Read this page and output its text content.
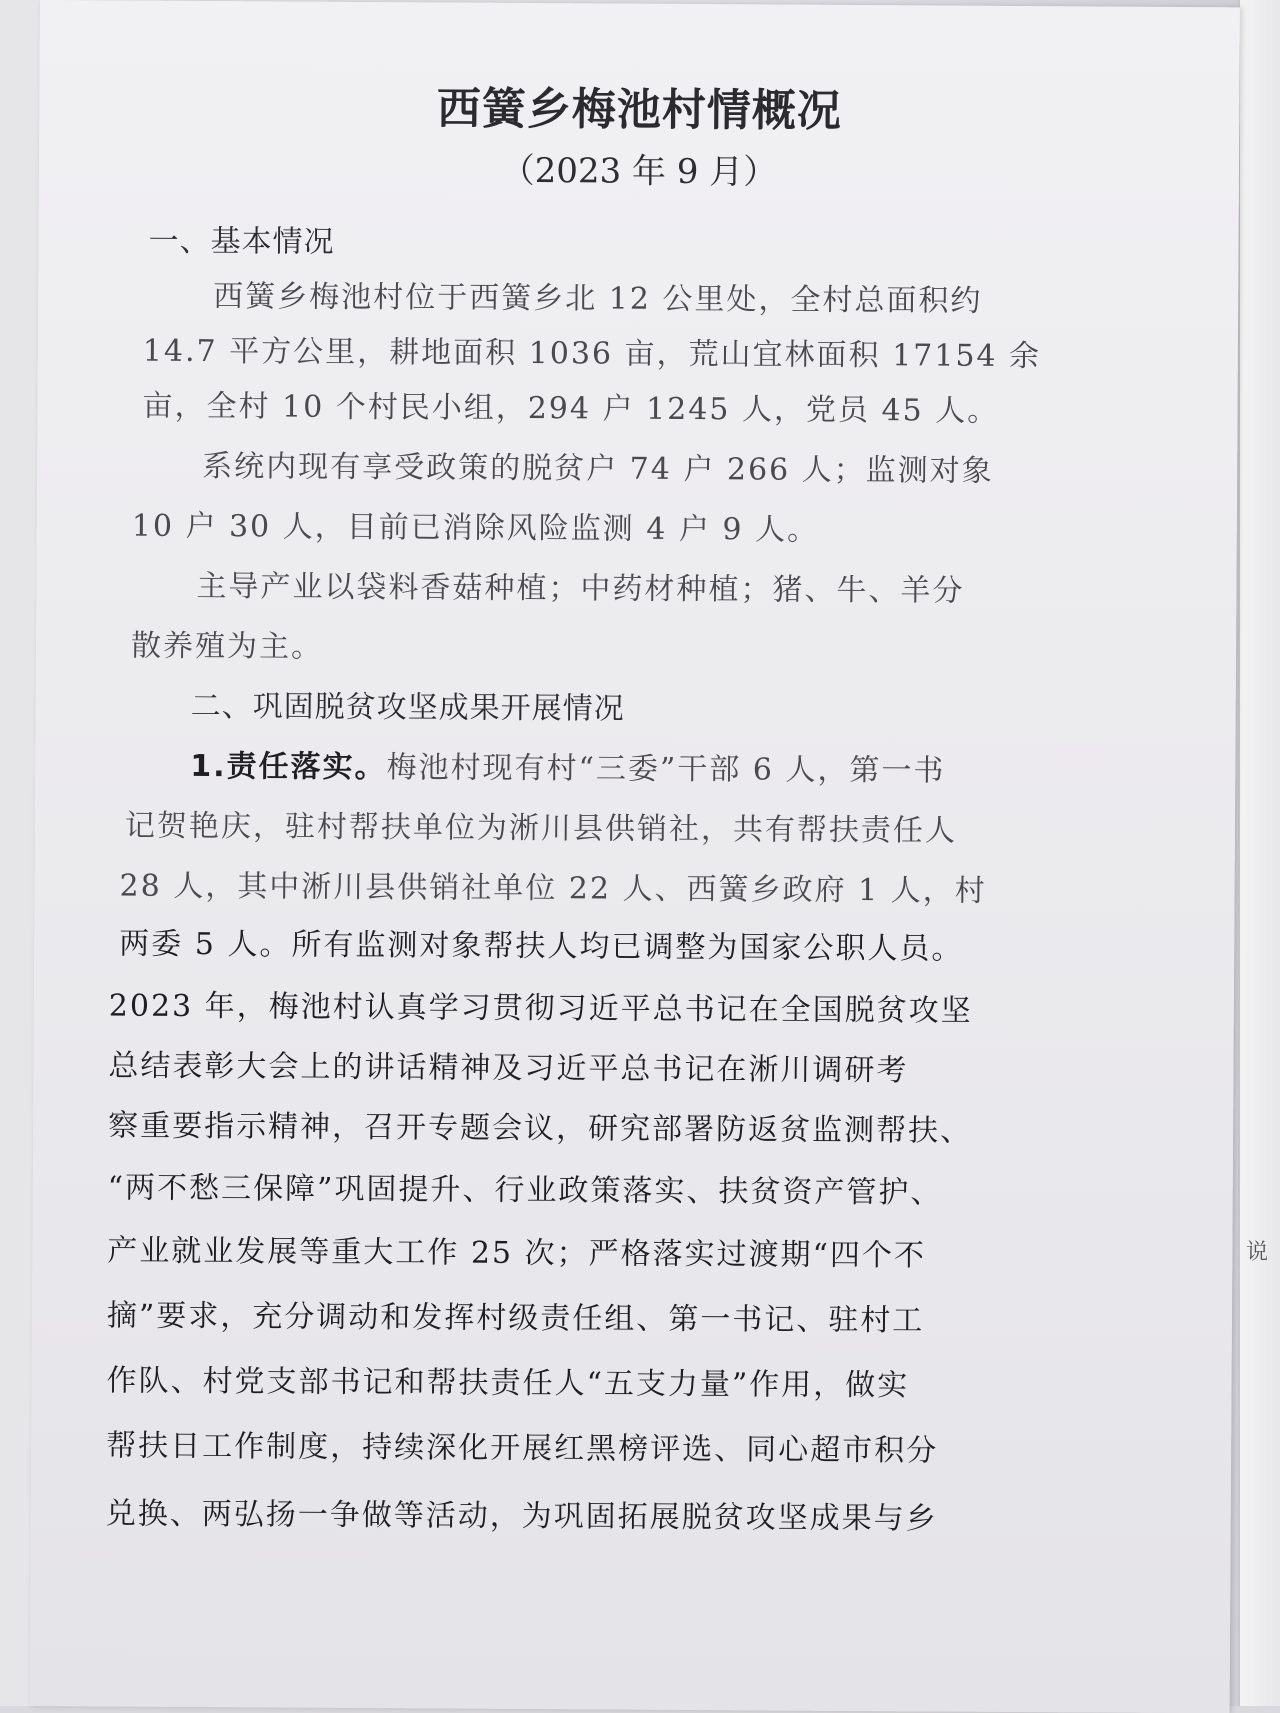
说
西簧乡梅池村情概况
（2023 年 9 月）
一、基本情况
西簧乡梅池村位于西簧乡北 12 公里处，全村总面积约
14.7 平方公里，耕地面积 1036 亩，荒山宜林面积 17154 余
亩，全村 10 个村民小组，294 户 1245 人，党员 45 人。
系统内现有享受政策的脱贫户 74 户 266 人；监测对象
10 户 30 人，目前已消除风险监测 4 户 9 人。
主导产业以袋料香菇种植；中药材种植；猪、牛、羊分
散养殖为主。
二、巩固脱贫攻坚成果开展情况
1.责任落实。梅池村现有村“三委”干部 6 人，第一书
记贺艳庆，驻村帮扶单位为淅川县供销社，共有帮扶责任人
28 人，其中淅川县供销社单位 22 人、西簧乡政府 1 人，村
两委 5 人。所有监测对象帮扶人均已调整为国家公职人员。
2023 年，梅池村认真学习贯彻习近平总书记在全国脱贫攻坚
总结表彰大会上的讲话精神及习近平总书记在淅川调研考
察重要指示精神，召开专题会议，研究部署防返贫监测帮扶、
“两不愁三保障”巩固提升、行业政策落实、扶贫资产管护、
产业就业发展等重大工作 25 次；严格落实过渡期“四个不
摘”要求，充分调动和发挥村级责任组、第一书记、驻村工
作队、村党支部书记和帮扶责任人“五支力量”作用，做实
帮扶日工作制度，持续深化开展红黑榜评选、同心超市积分
兑换、两弘扬一争做等活动，为巩固拓展脱贫攻坚成果与乡
